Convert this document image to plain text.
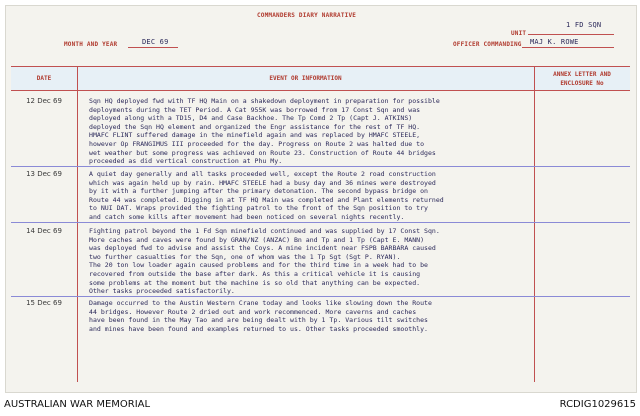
COMMANDERS DIARY NARRATIVE
UNIT
1 FD SQN
MONTH AND YEAR	DEC 69	OFFICER COMMANDING MAJ K. ROWE
DATE	EVENT OR INFORMATION
ANNEX LETTER AND
ENCLOSURE No
12 Dec 69	Sqn HQ deployed fwd with TF HQ Main on a shakedown deployment in preparation for possible
deployments during the TET Period. A Cat 955K was borrowed from 17 Const Sqn and was
deployed along with a TD15, D4 and Case Backhoe. The Tp Comd 2 Tp (Capt J. ATKINS)
deployed the Sqn HQ element and organized the Engr assistance for the rest of TF HQ.
HMAFC FLINT suffered damage in the minefield again and was replaced by HMAFC STEELE,
however Op FRANGIMUS III proceeded for the day. Progress on Route 2 was halted due to
wet weather but some progress was achieved on Route 23. Construction of Route 44 bridges
proceeded as did vertical construction at Phu My.
13 Dec 69	A quiet day generally and all tasks proceeded well, except the Route 2 road construction
which was again held up by rain. HMAFC STEELE had a busy day and 36 mines were destroyed
by it with a further jumping after the primary detonation. The second bypass bridge on
Route 44 was completed. Digging in at TF HQ Main was completed and Plant elements returned
to NUI DAT. Wraps provided the fighting patrol to the front of the Sqn position to try
and catch some kills after movement had been noticed on several nights recently.
14 Dec 69	Fighting patrol beyond the 1 Fd Sqn minefield continued and was supplied by 17 Const Sqn.
More caches and caves were found by GRAN/NZ (ANZAC) Bn and Tp and 1 Tp (Capt E. MANN)
was deployed fwd to advise and assist the Coys. A mine incident near FSPB BARBARA caused
two further casualties for the Sqn, one of whom was the 1 Tp Sgt (Sgt P. RYAN).
The 20 ton low loader again caused problems and for the third time in a week had to be
recovered from outside the base after dark. As this a critical vehicle it is causing
some problems at the moment but the machine is so old that anything can be expected.
Other tasks proceeded satisfactorily.
15 Dec 69	Damage occurred to the Austin Western Crane today and looks like slowing down the Route
44 bridges. However Route 2 dried out and work recommenced. More caverns and caches
have been found in the May Tao and are being dealt with by 1 Tp. Various tilt switches
and mines have been found and examples returned to us. Other tasks proceeded smoothly.
AUSTRALIAN WAR MEMORIAL	RCDIG1029615
